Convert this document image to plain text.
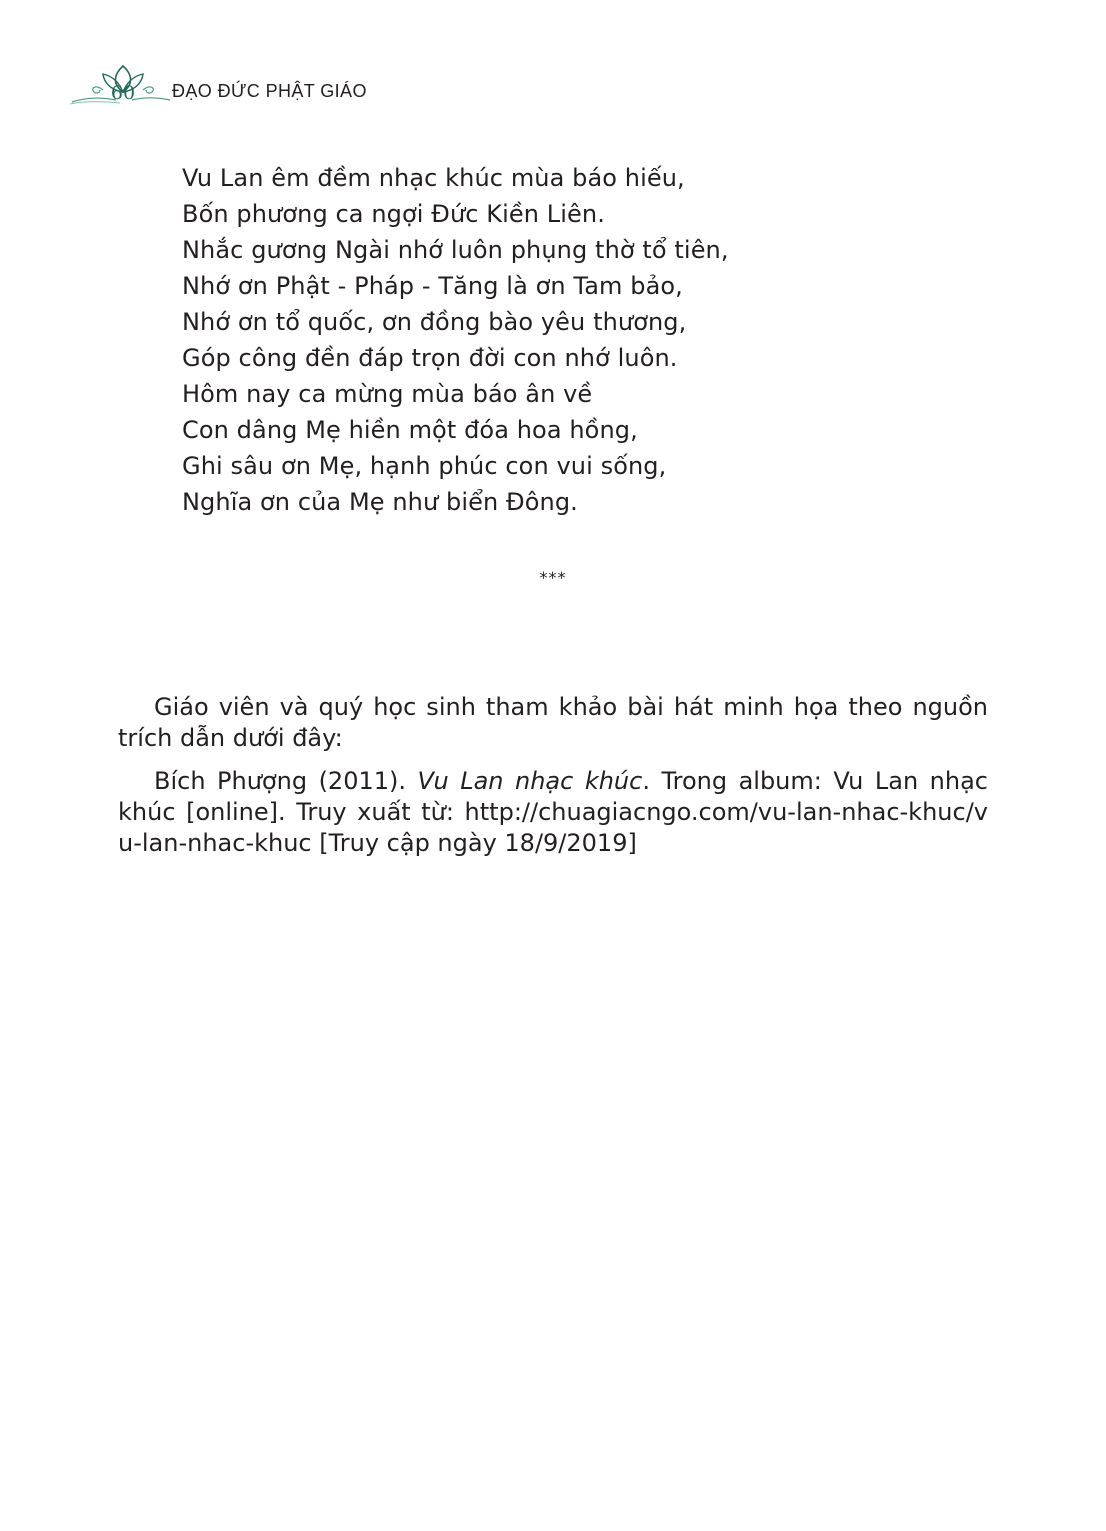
60 ĐẠO ĐỨC PHẬT GIÁO
Vu Lan êm đềm nhạc khúc mùa báo hiếu,
Bốn phương ca ngợi Đức Kiền Liên.
Nhắc gương Ngài nhớ luôn phụng thờ tổ tiên,
Nhớ ơn Phật - Pháp - Tăng là ơn Tam bảo,
Nhớ ơn tổ quốc, ơn đồng bào yêu thương,
Góp công đền đáp trọn đời con nhớ luôn.
Hôm nay ca mừng mùa báo ân về
Con dâng Mẹ hiền một đóa hoa hồng,
Ghi sâu ơn Mẹ, hạnh phúc con vui sống,
Nghĩa ơn của Mẹ như biển Đông.
***

Giáo viên và quý học sinh tham khảo bài hát minh họa theo nguồn trích dẫn dưới đây:

Bích Phượng (2011). Vu Lan nhạc khúc. Trong album: Vu Lan nhạc khúc [online]. Truy xuất từ: http://chuagiacngo.com/vu-lan-nhac-khuc/vu-lan-nhac-khuc [Truy cập ngày 18/9/2019]
